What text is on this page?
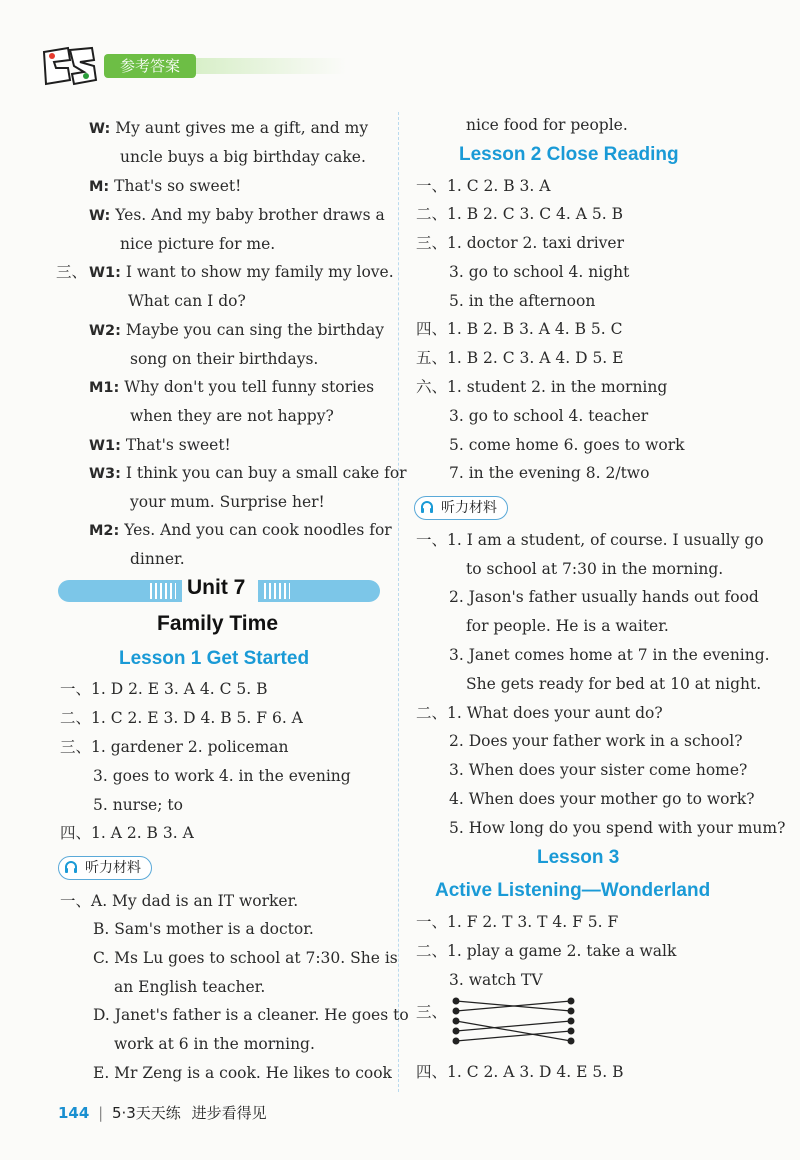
参考答案
W: My aunt gives me a gift, and my
uncle buys a big birthday cake.
M: That's so sweet!
W: Yes. And my baby brother draws a
nice picture for me.
三、 W1: I want to show my family my love.
What can I do?
W2: Maybe you can sing the birthday
song on their birthdays.
M1: Why don't you tell funny stories
when they are not happy?
W1: That's sweet!
W3: I think you can buy a small cake for
your mum. Surprise her!
M2: Yes. And you can cook noodles for
dinner.
Unit 7
Family Time
Lesson 1 Get Started
一、1. D 2. E 3. A 4. C 5. B
二、1. C 2. E 3. D 4. B 5. F 6. A
三、1. gardener 2. policeman
3. goes to work 4. in the evening
5. nurse; to
四、1. A 2. B 3. A
听力材料
一、A. My dad is an IT worker.
B. Sam's mother is a doctor.
C. Ms Lu goes to school at 7:30. She is
an English teacher.
D. Janet's father is a cleaner. He goes to
work at 6 in the morning.
E. Mr Zeng is a cook. He likes to cook
nice food for people.
Lesson 2 Close Reading
一、1. C 2. B 3. A
二、1. B 2. C 3. C 4. A 5. B
三、1. doctor 2. taxi driver
3. go to school 4. night
5. in the afternoon
四、1. B 2. B 3. A 4. B 5. C
五、1. B 2. C 3. A 4. D 5. E
六、1. student 2. in the morning
3. go to school 4. teacher
5. come home 6. goes to work
7. in the evening 8. 2/two
听力材料
一、1. I am a student, of course. I usually go
to school at 7:30 in the morning.
2. Jason's father usually hands out food
for people. He is a waiter.
3. Janet comes home at 7 in the evening.
She gets ready for bed at 10 at night.
二、1. What does your aunt do?
2. Does your father work in a school?
3. When does your sister come home?
4. When does your mother go to work?
5. How long do you spend with your mum?
Lesson 3
Active Listening—Wonderland
一、1. F 2. T 3. T 4. F 5. F
二、1. play a game 2. take a walk
3. watch TV
三、
四、1. C 2. A 3. D 4. E 5. B
144 | 5·3天天练 进步看得见
